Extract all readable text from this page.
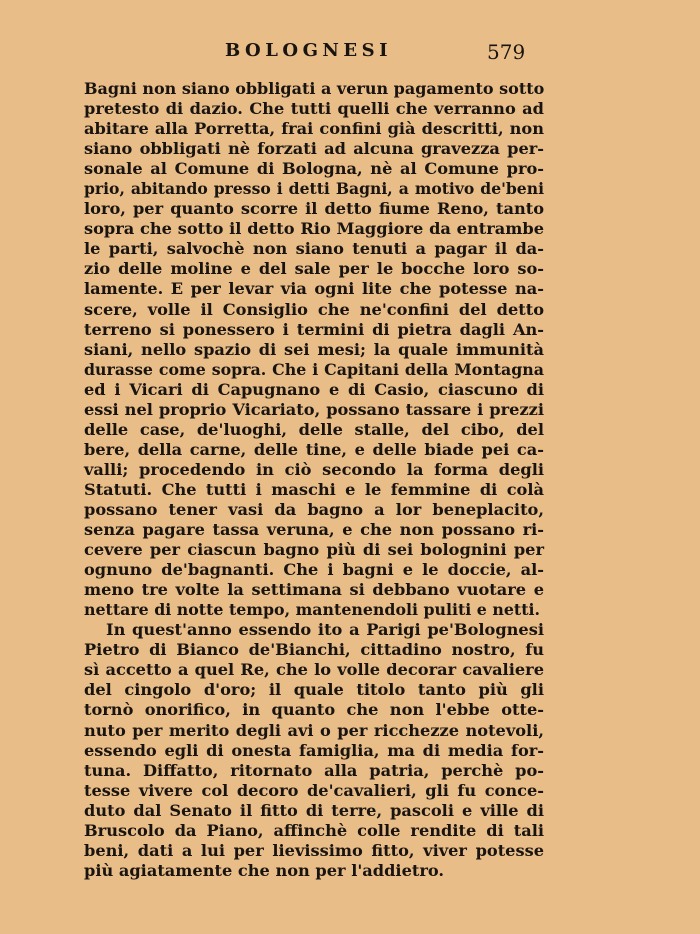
BOLOGNESI	579
Bagni non siano obbligati a verun pagamento sotto
pretesto di dazio. Che tutti quelli che verranno ad
abitare alla Porretta, frai confini già descritti, non
siano obbligati nè forzati ad alcuna gravezza per-
sonale al Comune di Bologna, nè al Comune pro-
prio, abitando presso i detti Bagni, a motivo de'beni
loro, per quanto scorre il detto fiume Reno, tanto
sopra che sotto il detto Rio Maggiore da entrambe
le parti, salvochè non siano tenuti a pagar il da-
zio delle moline e del sale per le bocche loro so-
lamente. E per levar via ogni lite che potesse na-
scere, volle il Consiglio che ne'confini del detto
terreno si ponessero i termini di pietra dagli An-
siani, nello spazio di sei mesi; la quale immunità
durasse come sopra. Che i Capitani della Montagna
ed i Vicari di Capugnano e di Casio, ciascuno di
essi nel proprio Vicariato, possano tassare i prezzi
delle case, de'luoghi, delle stalle, del cibo, del
bere, della carne, delle tine, e delle biade pei ca-
valli; procedendo in ciò secondo la forma degli
Statuti. Che tutti i maschi e le femmine di colà
possano tener vasi da bagno a lor beneplacito,
senza pagare tassa veruna, e che non possano ri-
cevere per ciascun bagno più di sei bolognini per
ognuno de'bagnanti. Che i bagni e le doccie, al-
meno tre volte la settimana si debbano vuotare e
nettare di notte tempo, mantenendoli puliti e netti.
In quest'anno essendo ito a Parigi pe'Bolognesi
Pietro di Bianco de'Bianchi, cittadino nostro, fu
sì accetto a quel Re, che lo volle decorar cavaliere
del cingolo d'oro; il quale titolo tanto più gli
tornò onorifico, in quanto che non l'ebbe otte-
nuto per merito degli avi o per ricchezze notevoli,
essendo egli di onesta famiglia, ma di media for-
tuna. Diffatto, ritornato alla patria, perchè po-
tesse vivere col decoro de'cavalieri, gli fu conce-
duto dal Senato il fitto di terre, pascoli e ville di
Bruscolo da Piano, affinchè colle rendite di tali
beni, dati a lui per lievissimo fitto, viver potesse
più agiatamente che non per l'addietro.
